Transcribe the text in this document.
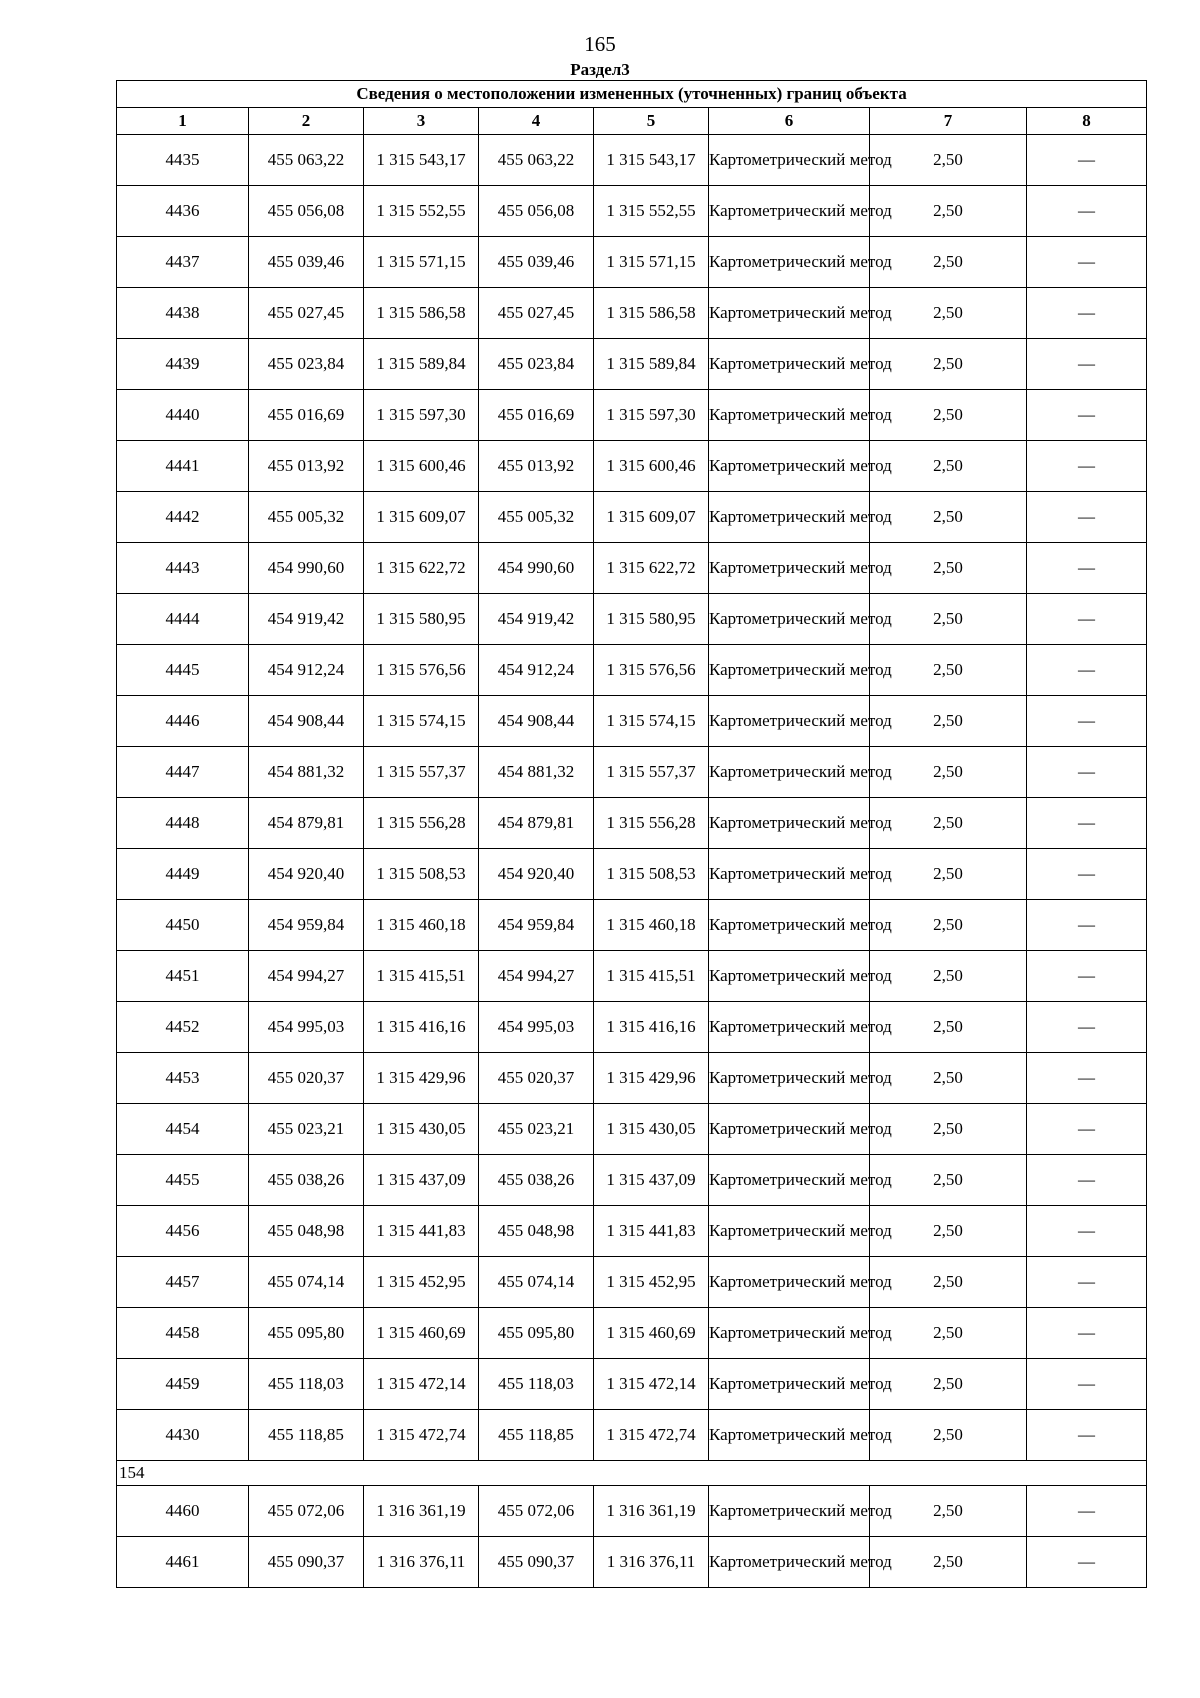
165
Раздел3
Сведения о местоположении измененных (уточненных) границ объекта							
1	2	3	4	5	6	7	8
4435	455 063,22	1 315 543,17	455 063,22	1 315 543,17	Картометрический метод	2,50	—
4436	455 056,08	1 315 552,55	455 056,08	1 315 552,55	Картометрический метод	2,50	—
4437	455 039,46	1 315 571,15	455 039,46	1 315 571,15	Картометрический метод	2,50	—
4438	455 027,45	1 315 586,58	455 027,45	1 315 586,58	Картометрический метод	2,50	—
4439	455 023,84	1 315 589,84	455 023,84	1 315 589,84	Картометрический метод	2,50	—
4440	455 016,69	1 315 597,30	455 016,69	1 315 597,30	Картометрический метод	2,50	—
4441	455 013,92	1 315 600,46	455 013,92	1 315 600,46	Картометрический метод	2,50	—
4442	455 005,32	1 315 609,07	455 005,32	1 315 609,07	Картометрический метод	2,50	—
4443	454 990,60	1 315 622,72	454 990,60	1 315 622,72	Картометрический метод	2,50	—
4444	454 919,42	1 315 580,95	454 919,42	1 315 580,95	Картометрический метод	2,50	—
4445	454 912,24	1 315 576,56	454 912,24	1 315 576,56	Картометрический метод	2,50	—
4446	454 908,44	1 315 574,15	454 908,44	1 315 574,15	Картометрический метод	2,50	—
4447	454 881,32	1 315 557,37	454 881,32	1 315 557,37	Картометрический метод	2,50	—
4448	454 879,81	1 315 556,28	454 879,81	1 315 556,28	Картометрический метод	2,50	—
4449	454 920,40	1 315 508,53	454 920,40	1 315 508,53	Картометрический метод	2,50	—
4450	454 959,84	1 315 460,18	454 959,84	1 315 460,18	Картометрический метод	2,50	—
4451	454 994,27	1 315 415,51	454 994,27	1 315 415,51	Картометрический метод	2,50	—
4452	454 995,03	1 315 416,16	454 995,03	1 315 416,16	Картометрический метод	2,50	—
4453	455 020,37	1 315 429,96	455 020,37	1 315 429,96	Картометрический метод	2,50	—
4454	455 023,21	1 315 430,05	455 023,21	1 315 430,05	Картометрический метод	2,50	—
4455	455 038,26	1 315 437,09	455 038,26	1 315 437,09	Картометрический метод	2,50	—
4456	455 048,98	1 315 441,83	455 048,98	1 315 441,83	Картометрический метод	2,50	—
4457	455 074,14	1 315 452,95	455 074,14	1 315 452,95	Картометрический метод	2,50	—
4458	455 095,80	1 315 460,69	455 095,80	1 315 460,69	Картометрический метод	2,50	—
4459	455 118,03	1 315 472,14	455 118,03	1 315 472,14	Картометрический метод	2,50	—
4430	455 118,85	1 315 472,74	455 118,85	1 315 472,74	Картометрический метод	2,50	—
154							
4460	455 072,06	1 316 361,19	455 072,06	1 316 361,19	Картометрический метод	2,50	—
4461	455 090,37	1 316 376,11	455 090,37	1 316 376,11	Картометрический метод	2,50	—
